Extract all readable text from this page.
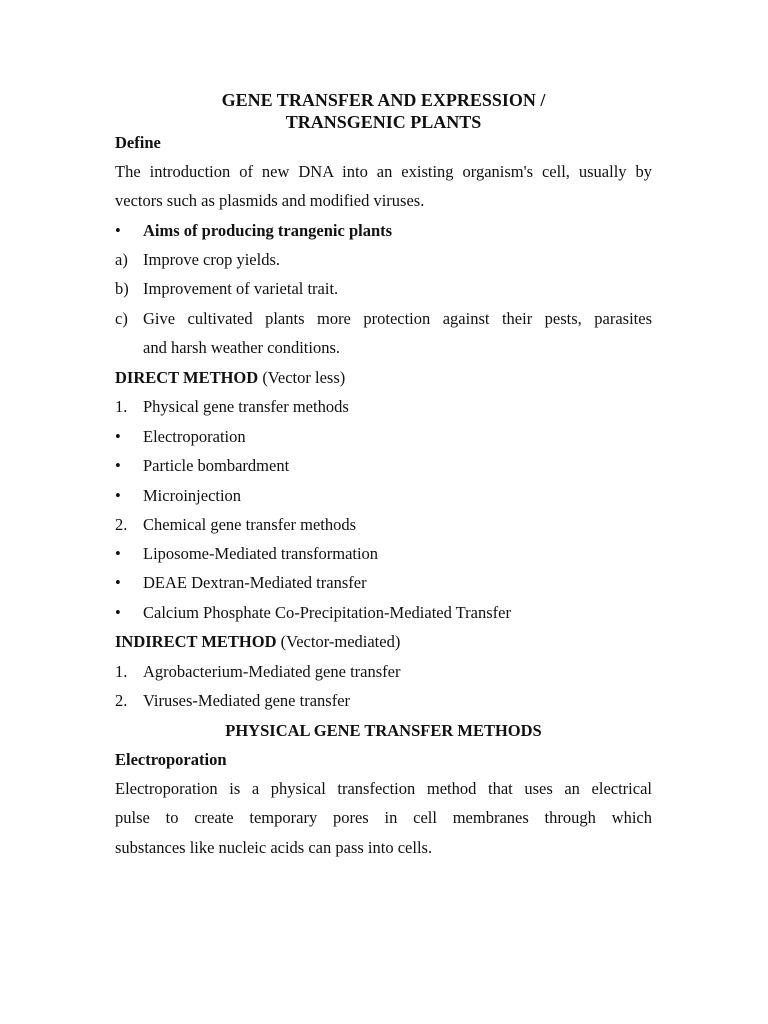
GENE TRANSFER AND EXPRESSION /
TRANSGENIC PLANTS
Define
The introduction of new DNA into an existing organism's cell, usually by
vectors such as plasmids and modified viruses.
• Aims of producing trangenic plants
a) Improve crop yields.
b) Improvement of varietal trait.
c) Give cultivated plants more protection against their pests, parasites
and harsh weather conditions.
DIRECT METHOD (Vector less)
1. Physical gene transfer methods
• Electroporation
• Particle bombardment
• Microinjection
2. Chemical gene transfer methods
• Liposome-Mediated transformation
• DEAE Dextran-Mediated transfer
• Calcium Phosphate Co-Precipitation-Mediated Transfer
INDIRECT METHOD (Vector-mediated)
1. Agrobacterium-Mediated gene transfer
2. Viruses-Mediated gene transfer
PHYSICAL GENE TRANSFER METHODS
Electroporation
Electroporation is a physical transfection method that uses an electrical
pulse to create temporary pores in cell membranes through which
substances like nucleic acids can pass into cells.
